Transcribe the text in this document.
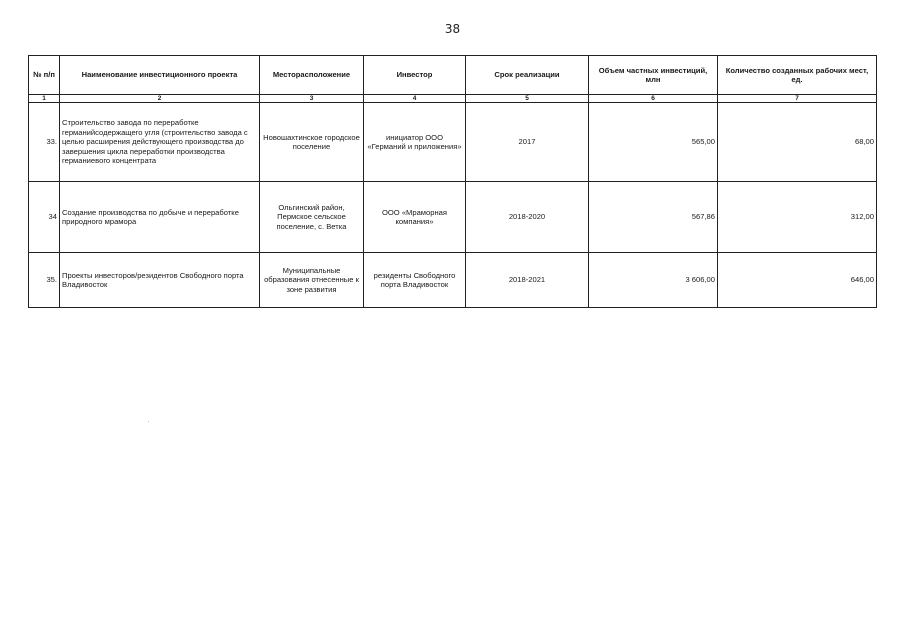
38
№ п/п	Наименование инвестиционного проекта	Месторасположение	Инвестор	Срок реализации	Объем частных инвестиций, млн	Количество созданных рабочих мест, ед.
1	2	3	4	5	6	7
33.	Строительство завода по переработке германийсодержащего угля (строительство завода с целью расширения действующего производства до завершения цикла переработки производства германиевого концентрата	Новошахтинское городское поселение	инициатор ООО «Германий и приложения»	2017	565,00	68,00
34	Создание производства по добыче и переработке природного мрамора	Ольгинский район, Пермское сельское поселение, с. Ветка	ООО «Мраморная компания»	2018-2020	567,86	312,00
35.	Проекты инвесторов/резидентов Свободного порта Владивосток	Муниципальные образования отнесенные к зоне развития	резиденты Свободного порта Владивосток	2018-2021	3 606,00	646,00
